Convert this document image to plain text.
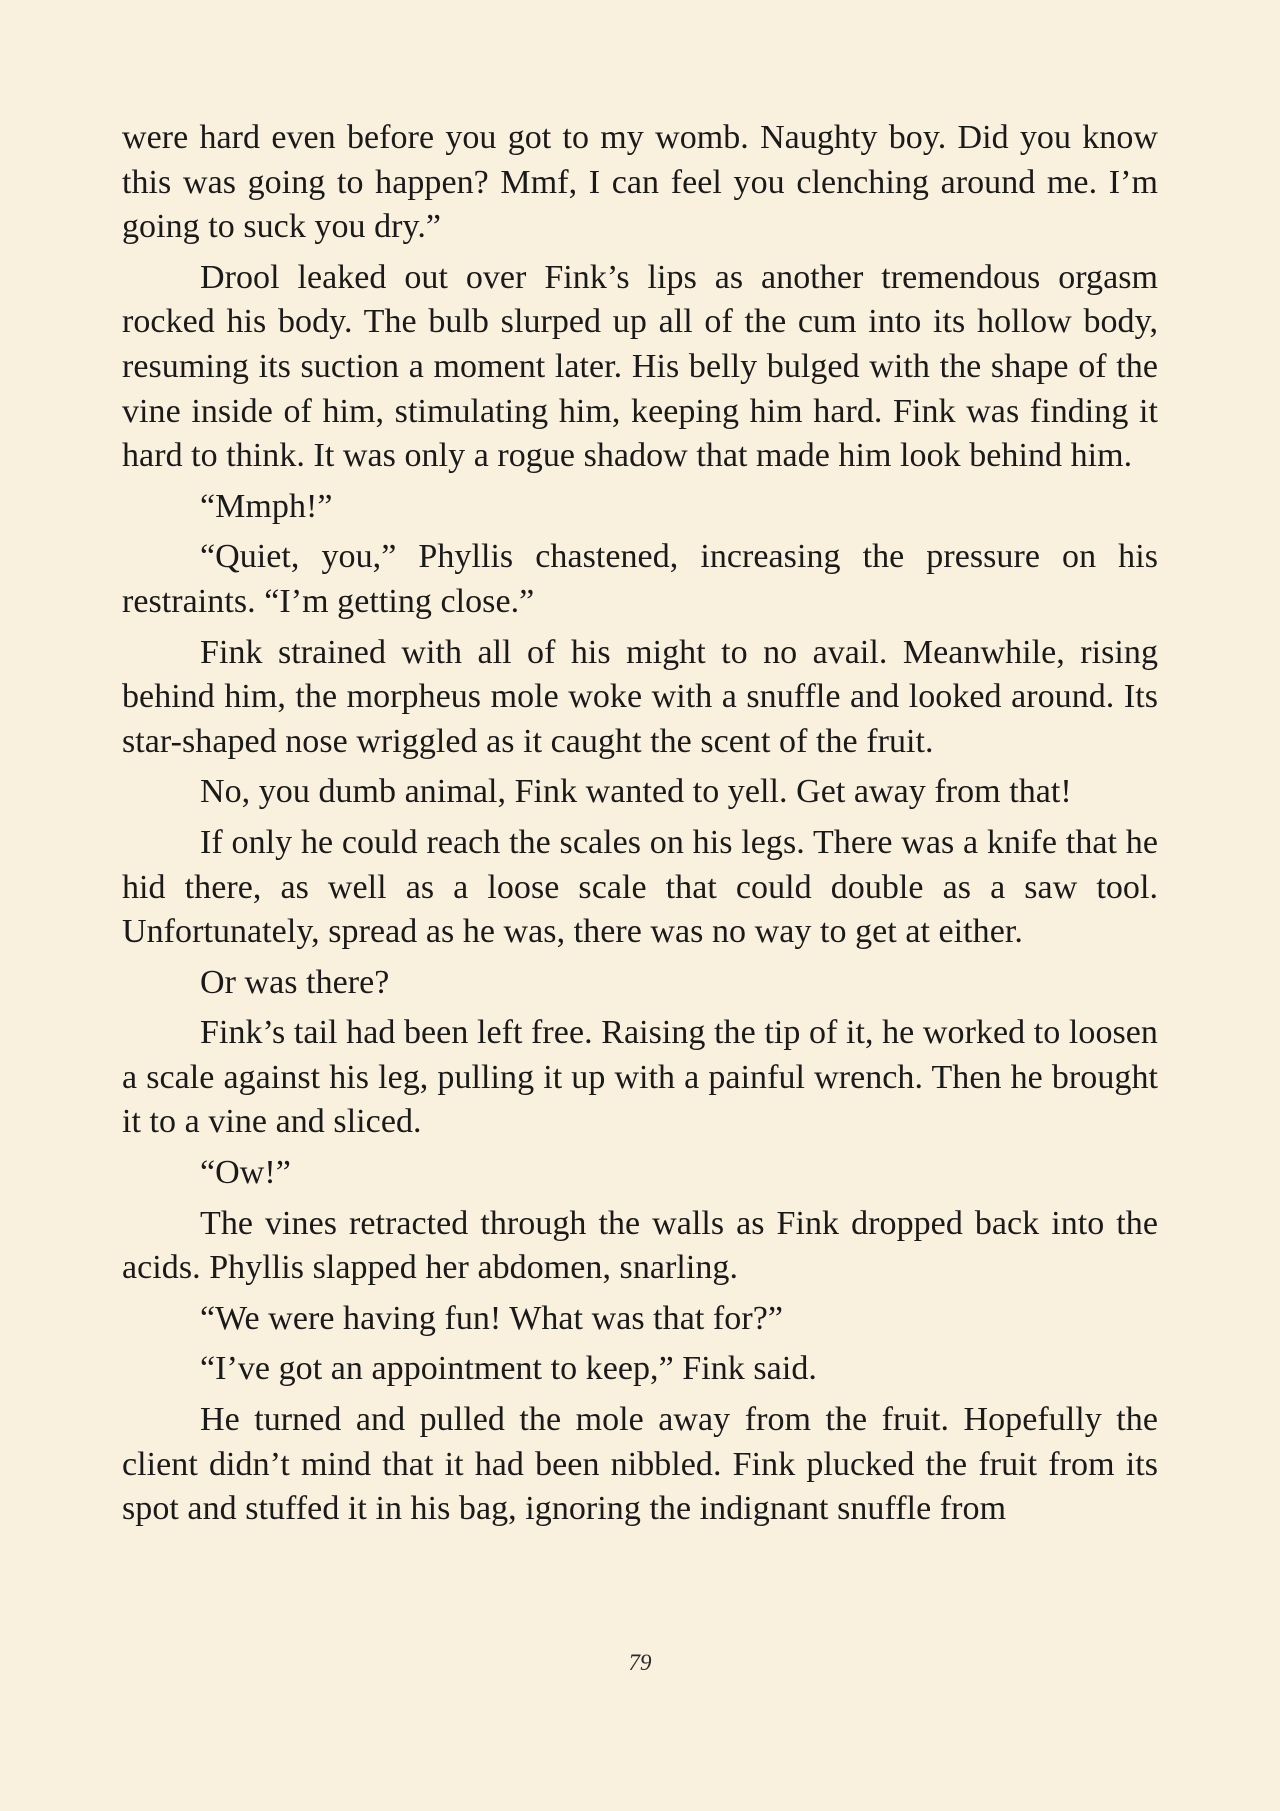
were hard even before you got to my womb. Naughty boy. Did you know this was going to happen? Mmf, I can feel you clenching around me. I’m going to suck you dry.”

Drool leaked out over Fink’s lips as another tremendous orgasm rocked his body. The bulb slurped up all of the cum into its hollow body, resuming its suction a moment later. His belly bulged with the shape of the vine inside of him, stimulating him, keeping him hard. Fink was finding it hard to think. It was only a rogue shadow that made him look behind him.

“Mmph!”

“Quiet, you,” Phyllis chastened, increasing the pressure on his restraints. “I’m getting close.”

Fink strained with all of his might to no avail. Meanwhile, rising behind him, the morpheus mole woke with a snuffle and looked around. Its star-shaped nose wriggled as it caught the scent of the fruit.

No, you dumb animal, Fink wanted to yell. Get away from that!

If only he could reach the scales on his legs. There was a knife that he hid there, as well as a loose scale that could double as a saw tool. Unfortunately, spread as he was, there was no way to get at either.

Or was there?

Fink’s tail had been left free. Raising the tip of it, he worked to loosen a scale against his leg, pulling it up with a painful wrench. Then he brought it to a vine and sliced.

“Ow!”

The vines retracted through the walls as Fink dropped back into the acids. Phyllis slapped her abdomen, snarling.

“We were having fun! What was that for?”

“I’ve got an appointment to keep,” Fink said.

He turned and pulled the mole away from the fruit. Hopefully the client didn’t mind that it had been nibbled. Fink plucked the fruit from its spot and stuffed it in his bag, ignoring the indignant snuffle from

79
